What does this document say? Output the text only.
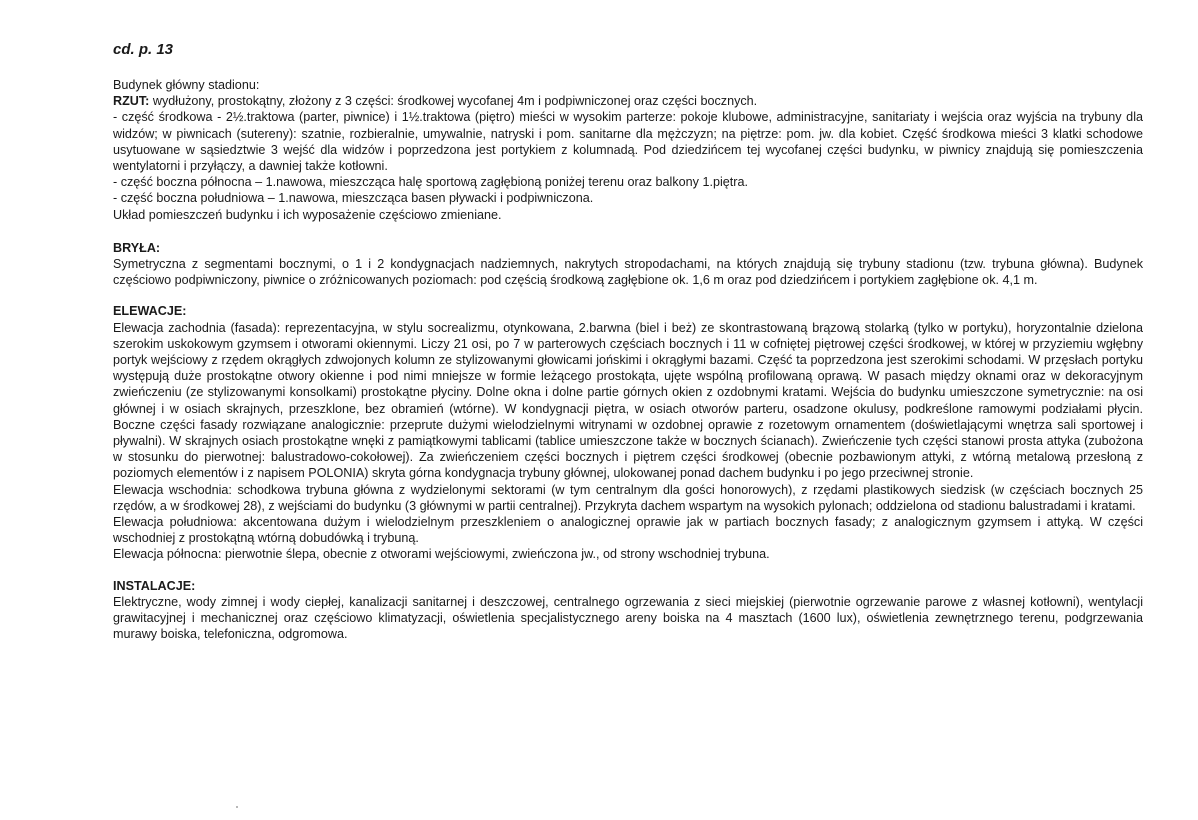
cd. p. 13

Budynek główny stadionu:

RZUT: wydłużony, prostokątny, złożony z 3 części: środkowej wycofanej 4m i podpiwniczonej oraz części bocznych.

- część środkowa - 2½.traktowa (parter, piwnice) i 1½.traktowa (piętro) mieści w wysokim parterze: pokoje klubowe, administracyjne, sanitariaty i wejścia oraz wyjścia na trybuny dla widzów; w piwnicach (sutereny): szatnie, rozbieralnie, umywalnie, natryski i pom. sanitarne dla mężczyzn; na piętrze: pom. jw. dla kobiet. Część środkowa mieści 3 klatki schodowe usytuowane w sąsiedztwie 3 wejść dla widzów i poprzedzona jest portykiem z kolumnadą. Pod dziedzińcem tej wycofanej części budynku, w piwnicy znajdują się pomieszczenia wentylatorni i przyłączy, a dawniej także kotłowni.

- część boczna północna – 1.nawowa, mieszcząca halę sportową zagłębioną poniżej terenu oraz balkony 1.piętra.

- część boczna południowa – 1.nawowa, mieszcząca basen pływacki i podpiwniczona.

Układ pomieszczeń budynku i ich wyposażenie częściowo zmieniane.

BRYŁA:

Symetryczna z segmentami bocznymi, o 1 i 2 kondygnacjach nadziemnych, nakrytych stropodachami, na których znajdują się trybuny stadionu (tzw. trybuna główna). Budynek częściowo podpiwniczony, piwnice o zróżnicowanych poziomach: pod częścią środkową zagłębione ok. 1,6 m oraz pod dziedzińcem i portykiem zagłębione ok. 4,1 m.

ELEWACJE:

Elewacja zachodnia (fasada): reprezentacyjna, w stylu socrealizmu, otynkowana, 2.barwna (biel i beż) ze skontrastowaną brązową stolarką (tylko w portyku), horyzontalnie dzielona szerokim uskokowym gzymsem i otworami okiennymi. Liczy 21 osi, po 7 w parterowych częściach bocznych i 11 w cofniętej piętrowej części środkowej, w której w przyziemiu wgłębny portyk wejściowy z rzędem okrągłych zdwojonych kolumn ze stylizowanymi głowicami jońskimi i okrągłymi bazami. Część ta poprzedzona jest szerokimi schodami. W przęsłach portyku występują duże prostokątne otwory okienne i pod nimi mniejsze w formie leżącego prostokąta, ujęte wspólną profilowaną oprawą. W pasach między oknami oraz w dekoracyjnym zwieńczeniu (ze stylizowanymi konsolkami) prostokątne płyciny. Dolne okna i dolne partie górnych okien z ozdobnymi kratami. Wejścia do budynku umieszczone symetrycznie: na osi głównej i w osiach skrajnych, przeszklone, bez obramień (wtórne). W kondygnacji piętra, w osiach otworów parteru, osadzone okulusy, podkreślone ramowymi podziałami płycin. Boczne części fasady rozwiązane analogicznie: przeprute dużymi wielodzielnymi witrynami w ozdobnej oprawie z rozetowym ornamentem (doświetlającymi wnętrza sali sportowej i pływalni). W skrajnych osiach prostokątne wnęki z pamiątkowymi tablicami (tablice umieszczone także w bocznych ścianach). Zwieńczenie tych części stanowi prosta attyka (zubożona w stosunku do pierwotnej: balustradowo-cokołowej). Za zwieńczeniem części bocznych i piętrem części środkowej (obecnie pozbawionym attyki, z wtórną metalową przesłoną z poziomych elementów i z napisem POLONIA) skryta górna kondygnacja trybuny głównej, ulokowanej ponad dachem budynku i po jego przeciwnej stronie.

Elewacja wschodnia: schodkowa trybuna główna z wydzielonymi sektorami (w tym centralnym dla gości honorowych), z rzędami plastikowych siedzisk (w częściach bocznych 25 rzędów, a w środkowej 28), z wejściami do budynku (3 głównymi w partii centralnej). Przykryta dachem wspartym na wysokich pylonach; oddzielona od stadionu balustradami i kratami.

Elewacja południowa: akcentowana dużym i wielodzielnym przeszkleniem o analogicznej oprawie jak w partiach bocznych fasady; z analogicznym gzymsem i attyką. W części wschodniej z prostokątną wtórną dobudówką i trybuną.

Elewacja północna: pierwotnie ślepa, obecnie z otworami wejściowymi, zwieńczona jw., od strony wschodniej trybuna.

INSTALACJE:

Elektryczne, wody zimnej i wody ciepłej, kanalizacji sanitarnej i deszczowej, centralnego ogrzewania z sieci miejskiej (pierwotnie ogrzewanie parowe z własnej kotłowni), wentylacji grawitacyjnej i mechanicznej oraz częściowo klimatyzacji, oświetlenia specjalistycznego areny boiska na 4 masztach (1600 lux), oświetlenia zewnętrznego terenu, podgrzewania murawy boiska, telefoniczna, odgromowa.
